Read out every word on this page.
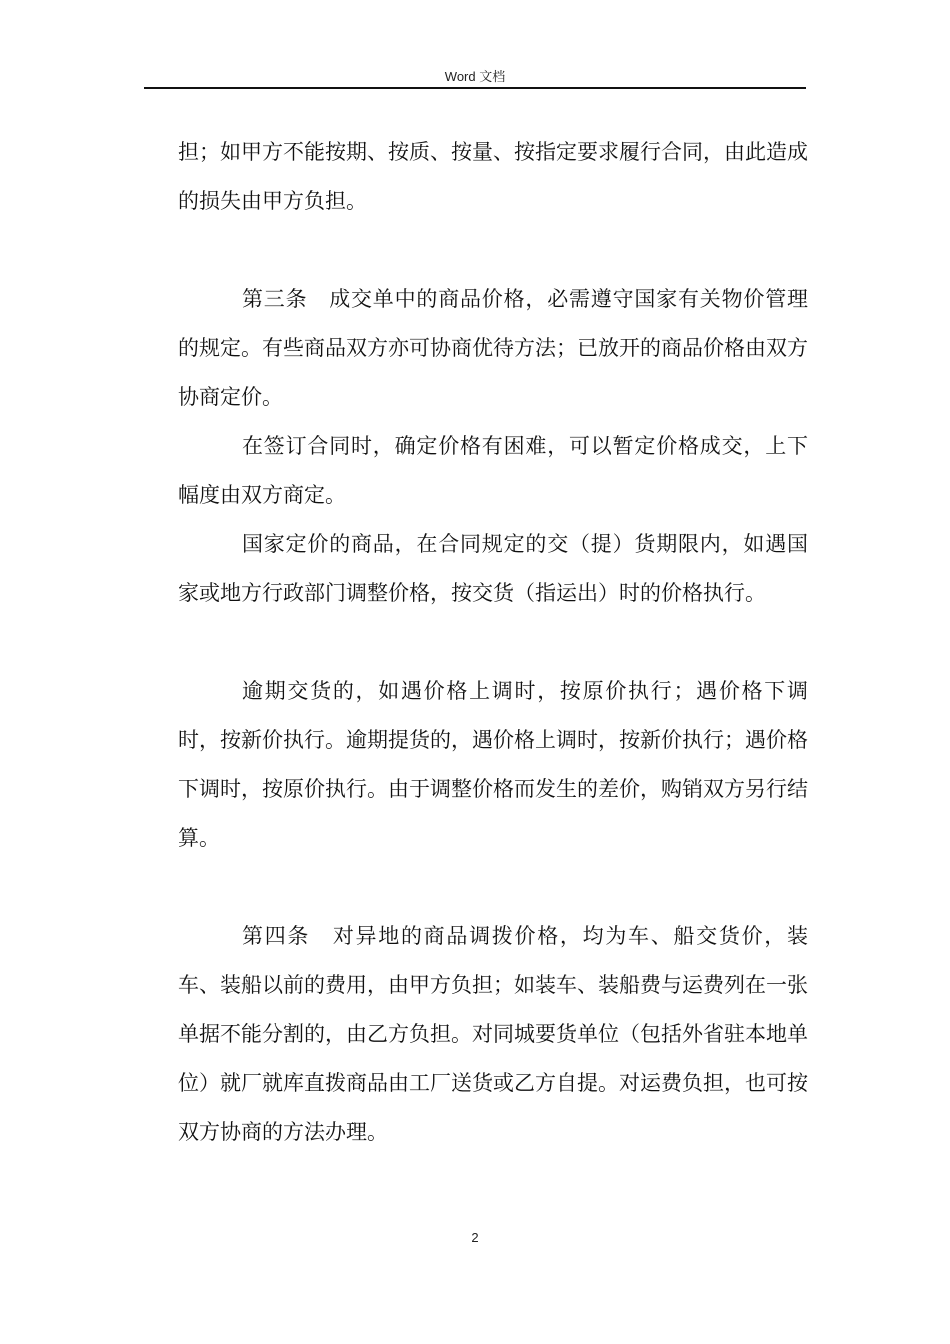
Word 文档

担；如甲方不能按期、按质、按量、按指定要求履行合同，由此造成的损失由甲方负担。

第三条　成交单中的商品价格，必需遵守国家有关物价管理的规定。有些商品双方亦可协商优待方法；已放开的商品价格由双方协商定价。

在签订合同时，确定价格有困难，可以暂定价格成交，上下幅度由双方商定。

国家定价的商品，在合同规定的交（提）货期限内，如遇国家或地方行政部门调整价格，按交货（指运出）时的价格执行。

逾期交货的，如遇价格上调时，按原价执行；遇价格下调时，按新价执行。逾期提货的，遇价格上调时，按新价执行；遇价格下调时，按原价执行。由于调整价格而发生的差价，购销双方另行结算。

第四条　对异地的商品调拨价格，均为车、船交货价，装车、装船以前的费用，由甲方负担；如装车、装船费与运费列在一张单据不能分割的，由乙方负担。对同城要货单位（包括外省驻本地单位）就厂就库直拨商品由工厂送货或乙方自提。对运费负担，也可按双方协商的方法办理。

2
